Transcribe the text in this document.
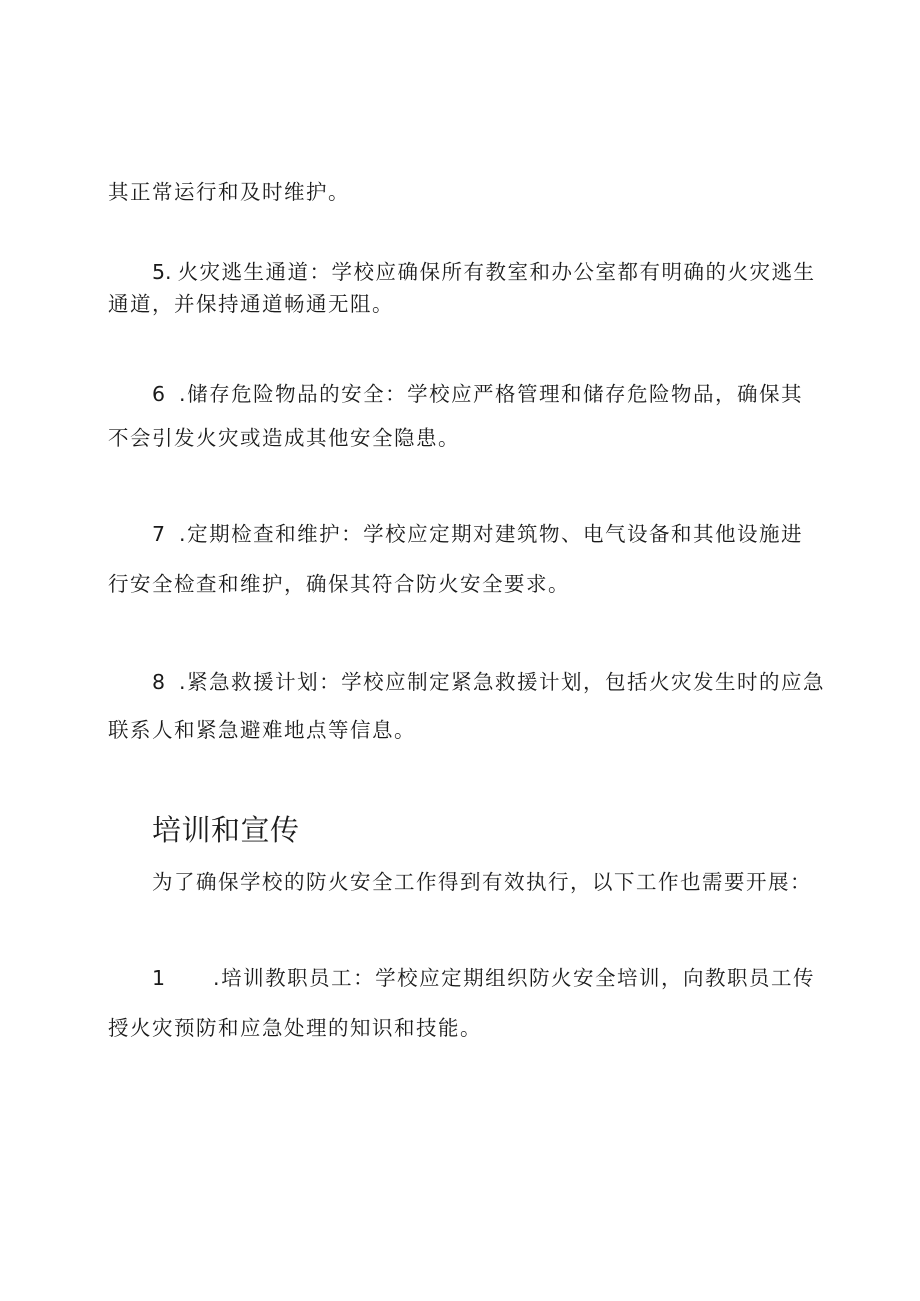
其正常运行和及时维护。
5. 火灾逃生通道：学校应确保所有教室和办公室都有明确的火灾逃生
通道，并保持通道畅通无阻。
6 .储存危险物品的安全：学校应严格管理和储存危险物品，确保其
不会引发火灾或造成其他安全隐患。
7 .定期检查和维护：学校应定期对建筑物、电气设备和其他设施进
行安全检查和维护，确保其符合防火安全要求。
8 .紧急救援计划：学校应制定紧急救援计划，包括火灾发生时的应急
联系人和紧急避难地点等信息。
培训和宣传
为了确保学校的防火安全工作得到有效执行，以下工作也需要开展：
1 .培训教职员工：学校应定期组织防火安全培训，向教职员工传
授火灾预防和应急处理的知识和技能。
